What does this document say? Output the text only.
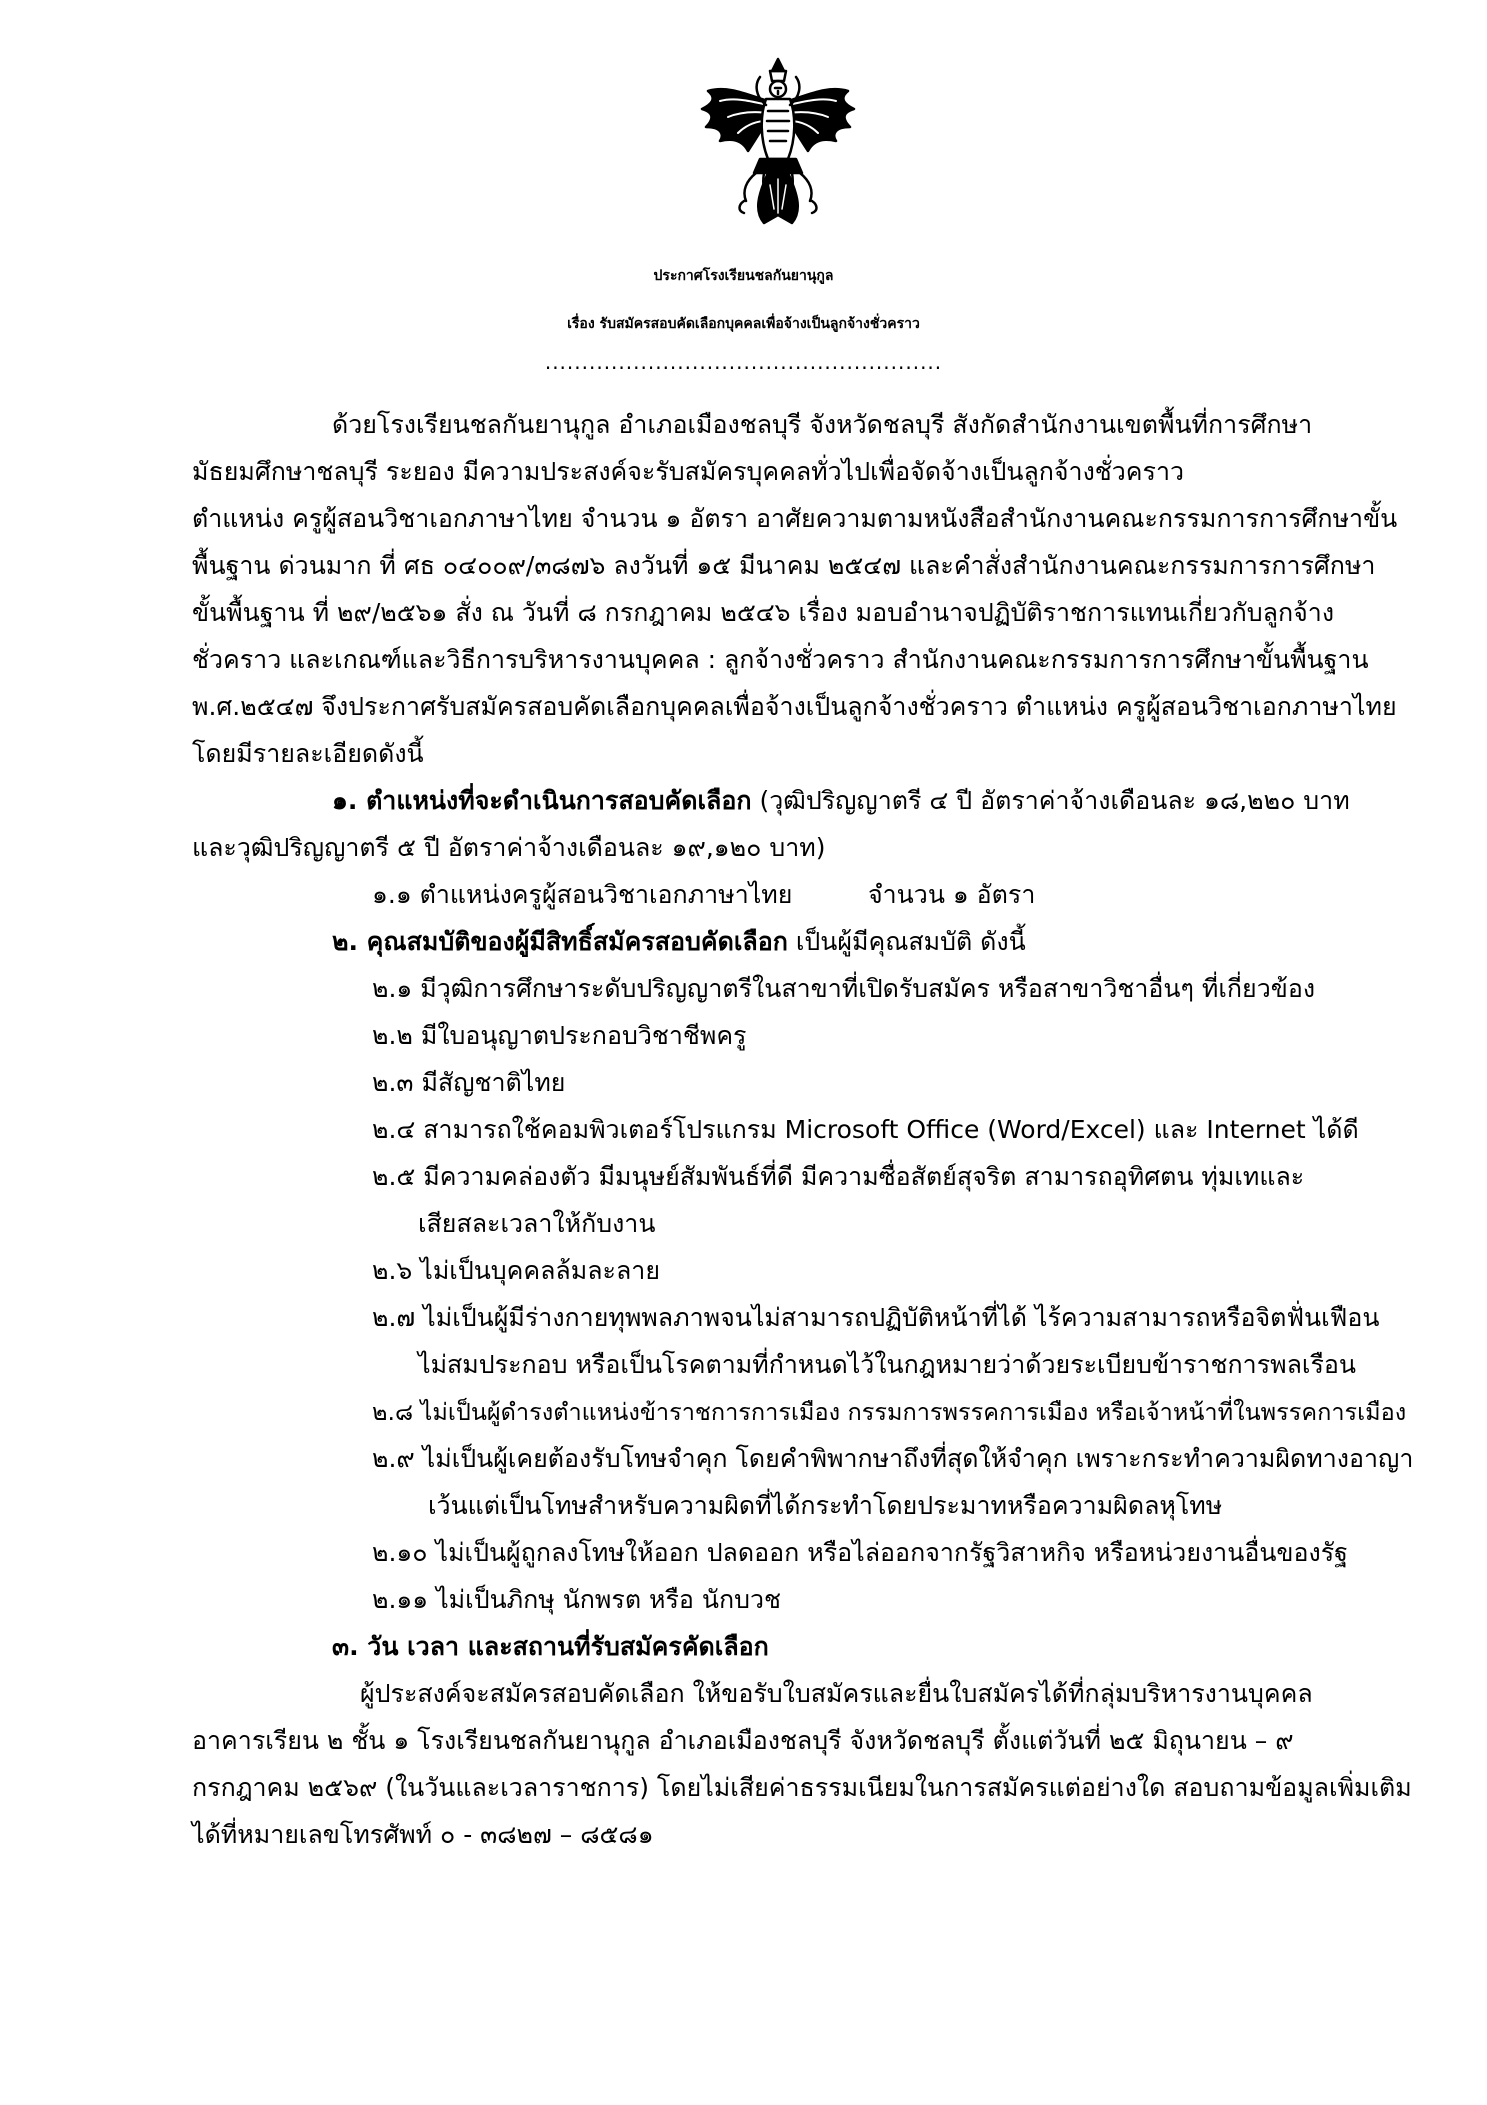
ประกาศโรงเรียนชลกันยานุกูล
เรื่อง รับสมัครสอบคัดเลือกบุคคลเพื่อจ้างเป็นลูกจ้างชั่วคราว
......................................................
ด้วยโรงเรียนชลกันยานุกูล อำเภอเมืองชลบุรี จังหวัดชลบุรี สังกัดสำนักงานเขตพื้นที่การศึกษา
มัธยมศึกษาชลบุรี ระยอง มีความประสงค์จะรับสมัครบุคคลทั่วไปเพื่อจัดจ้างเป็นลูกจ้างชั่วคราว
ตำแหน่ง ครูผู้สอนวิชาเอกภาษาไทย จำนวน ๑ อัตรา อาศัยความตามหนังสือสำนักงานคณะกรรมการการศึกษาขั้น
พื้นฐาน ด่วนมาก ที่ ศธ ๐๔๐๐๙/๓๘๗๖ ลงวันที่ ๑๕ มีนาคม ๒๕๔๗ และคำสั่งสำนักงานคณะกรรมการการศึกษา
ขั้นพื้นฐาน ที่ ๒๙/๒๕๖๑ สั่ง ณ วันที่ ๘ กรกฎาคม ๒๕๔๖ เรื่อง มอบอำนาจปฏิบัติราชการแทนเกี่ยวกับลูกจ้าง
ชั่วคราว และเกณฑ์และวิธีการบริหารงานบุคคล : ลูกจ้างชั่วคราว สำนักงานคณะกรรมการการศึกษาขั้นพื้นฐาน
พ.ศ.๒๕๔๗ จึงประกาศรับสมัครสอบคัดเลือกบุคคลเพื่อจ้างเป็นลูกจ้างชั่วคราว ตำแหน่ง ครูผู้สอนวิชาเอกภาษาไทย
โดยมีรายละเอียดดังนี้
๑. ตำแหน่งที่จะดำเนินการสอบคัดเลือก (วุฒิปริญญาตรี ๔ ปี อัตราค่าจ้างเดือนละ ๑๘,๒๒๐ บาท
และวุฒิปริญญาตรี ๕ ปี อัตราค่าจ้างเดือนละ ๑๙,๑๒๐ บาท)
๑.๑ ตำแหน่งครูผู้สอนวิชาเอกภาษาไทย	จำนวน ๑ อัตรา
๒. คุณสมบัติของผู้มีสิทธิ์สมัครสอบคัดเลือก เป็นผู้มีคุณสมบัติ ดังนี้
๒.๑ มีวุฒิการศึกษาระดับปริญญาตรีในสาขาที่เปิดรับสมัคร หรือสาขาวิชาอื่นๆ ที่เกี่ยวข้อง
๒.๒ มีใบอนุญาตประกอบวิชาชีพครู
๒.๓ มีสัญชาติไทย
๒.๔ สามารถใช้คอมพิวเตอร์โปรแกรม Microsoft Office (Word/Excel) และ Internet ได้ดี
๒.๕ มีความคล่องตัว มีมนุษย์สัมพันธ์ที่ดี มีความซื่อสัตย์สุจริต สามารถอุทิศตน ทุ่มเทและ
เสียสละเวลาให้กับงาน
๒.๖ ไม่เป็นบุคคลล้มละลาย
๒.๗ ไม่เป็นผู้มีร่างกายทุพพลภาพจนไม่สามารถปฏิบัติหน้าที่ได้ ไร้ความสามารถหรือจิตฟั่นเฟือน
ไม่สมประกอบ หรือเป็นโรคตามที่กำหนดไว้ในกฎหมายว่าด้วยระเบียบข้าราชการพลเรือน
๒.๘ ไม่เป็นผู้ดำรงตำแหน่งข้าราชการการเมือง กรรมการพรรคการเมือง หรือเจ้าหน้าที่ในพรรคการเมือง
๒.๙ ไม่เป็นผู้เคยต้องรับโทษจำคุก โดยคำพิพากษาถึงที่สุดให้จำคุก เพราะกระทำความผิดทางอาญา
เว้นแต่เป็นโทษสำหรับความผิดที่ได้กระทำโดยประมาทหรือความผิดลหุโทษ
๒.๑๐ ไม่เป็นผู้ถูกลงโทษให้ออก ปลดออก หรือไล่ออกจากรัฐวิสาหกิจ หรือหน่วยงานอื่นของรัฐ
๒.๑๑ ไม่เป็นภิกษุ นักพรต หรือ นักบวช
๓. วัน เวลา และสถานที่รับสมัครคัดเลือก
ผู้ประสงค์จะสมัครสอบคัดเลือก ให้ขอรับใบสมัครและยื่นใบสมัครได้ที่กลุ่มบริหารงานบุคคล
อาคารเรียน ๒ ชั้น ๑ โรงเรียนชลกันยานุกูล อำเภอเมืองชลบุรี จังหวัดชลบุรี ตั้งแต่วันที่ ๒๕ มิถุนายน – ๙
กรกฎาคม ๒๕๖๙ (ในวันและเวลาราชการ) โดยไม่เสียค่าธรรมเนียมในการสมัครแต่อย่างใด สอบถามข้อมูลเพิ่มเติม
ได้ที่หมายเลขโทรศัพท์ ๐ - ๓๘๒๗ – ๘๕๘๑
